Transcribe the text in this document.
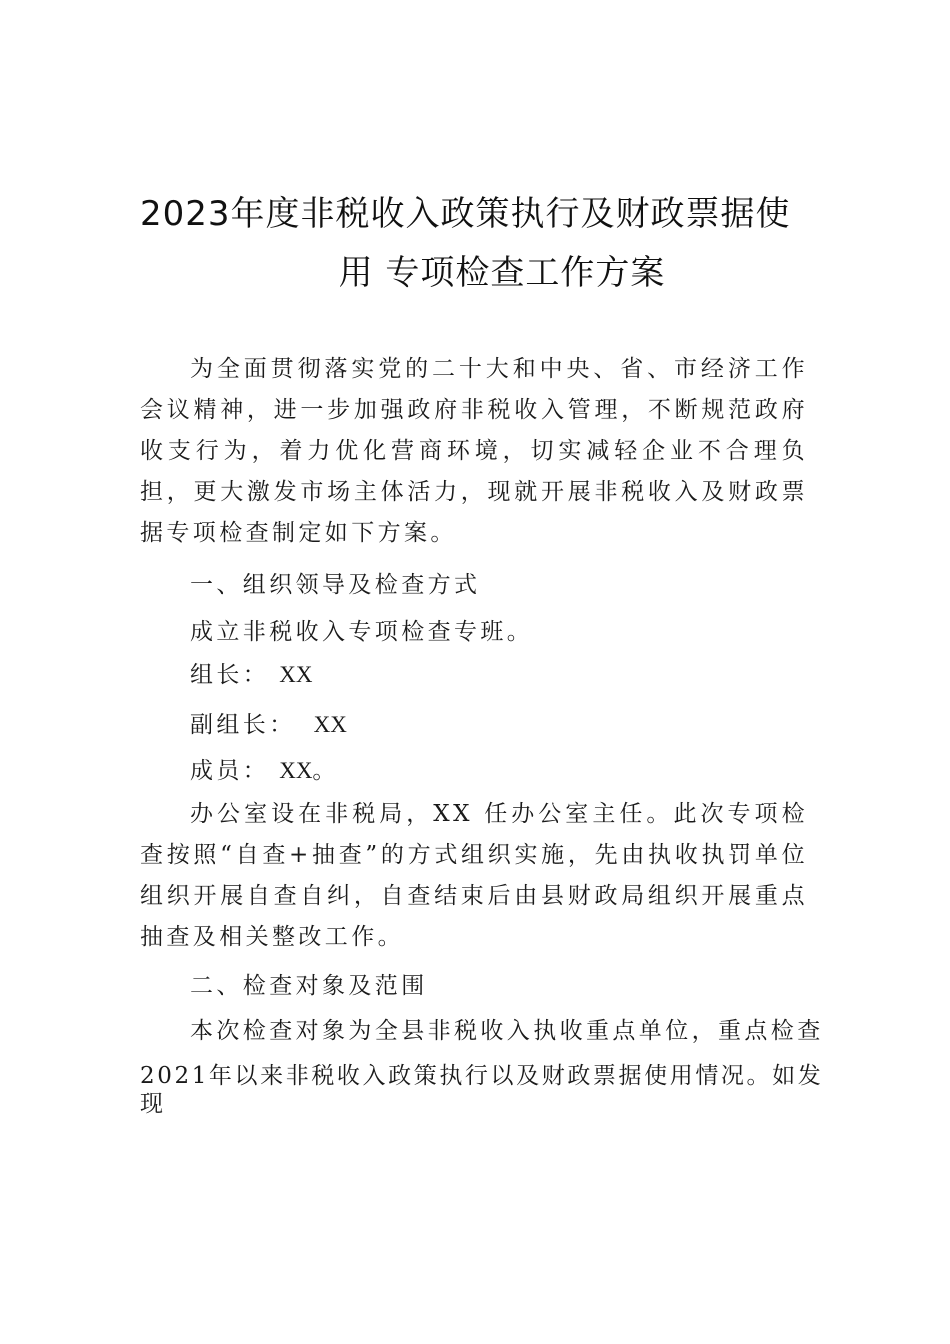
2023年度非税收入政策执行及财政票据使
用 专项检查工作方案
为全面贯彻落实党的二十大和中央、省、市经济工作会议精神，进一步加强政府非税收入管理，不断规范政府收支行为，着力优化营商环境，切实减轻企业不合理负担，更大激发市场主体活力，现就开展非税收入及财政票据专项检查制定如下方案。
一、组织领导及检查方式
成立非税收入专项检查专班。
组长： XX
副组长： XX
成员： XX。
办公室设在非税局，XX 任办公室主任。此次专项检查按照“自查+抽查”的方式组织实施，先由执收执罚单位组织开展自查自纠，自查结束后由县财政局组织开展重点抽查及相关整改工作。
二、检查对象及范围
本次检查对象为全县非税收入执收重点单位，重点检查
2021年以来非税收入政策执行以及财政票据使用情况。如发
现
